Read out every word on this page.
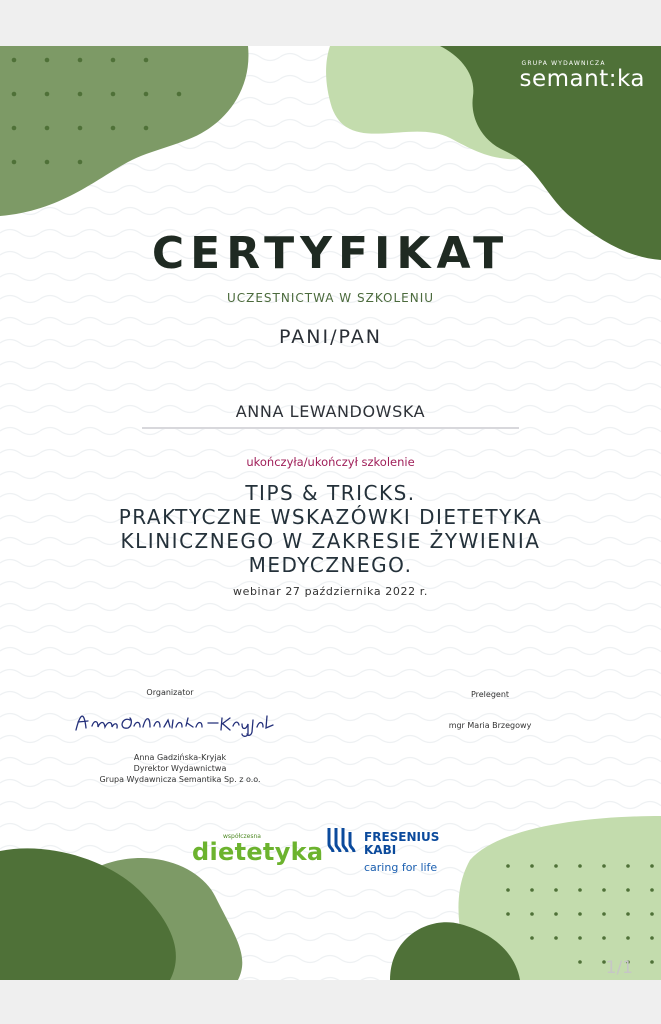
GRUPA WYDAWNICZA
semant:ka
CERTYFIKAT
UCZESTNICTWA W SZKOLENIU
PANI/PAN
ANNA LEWANDOWSKA
ukończyła/ukończył szkolenie
TIPS & TRICKS.
PRAKTYCZNE WSKAZÓWKI DIETETYKA
KLINICZNEGO W ZAKRESIE ŻYWIENIA
MEDYCZNEGO.
webinar 27 października 2022 r.
Organizator
Anna Gadzińska-Kryjak
Dyrektor Wydawnictwa
Grupa Wydawnicza Semantika Sp. z o.o.
Prelegent
mgr Maria Brzegowy
współczesna
dietetyka
FRESENIUS
KABI
caring for life
1/1
